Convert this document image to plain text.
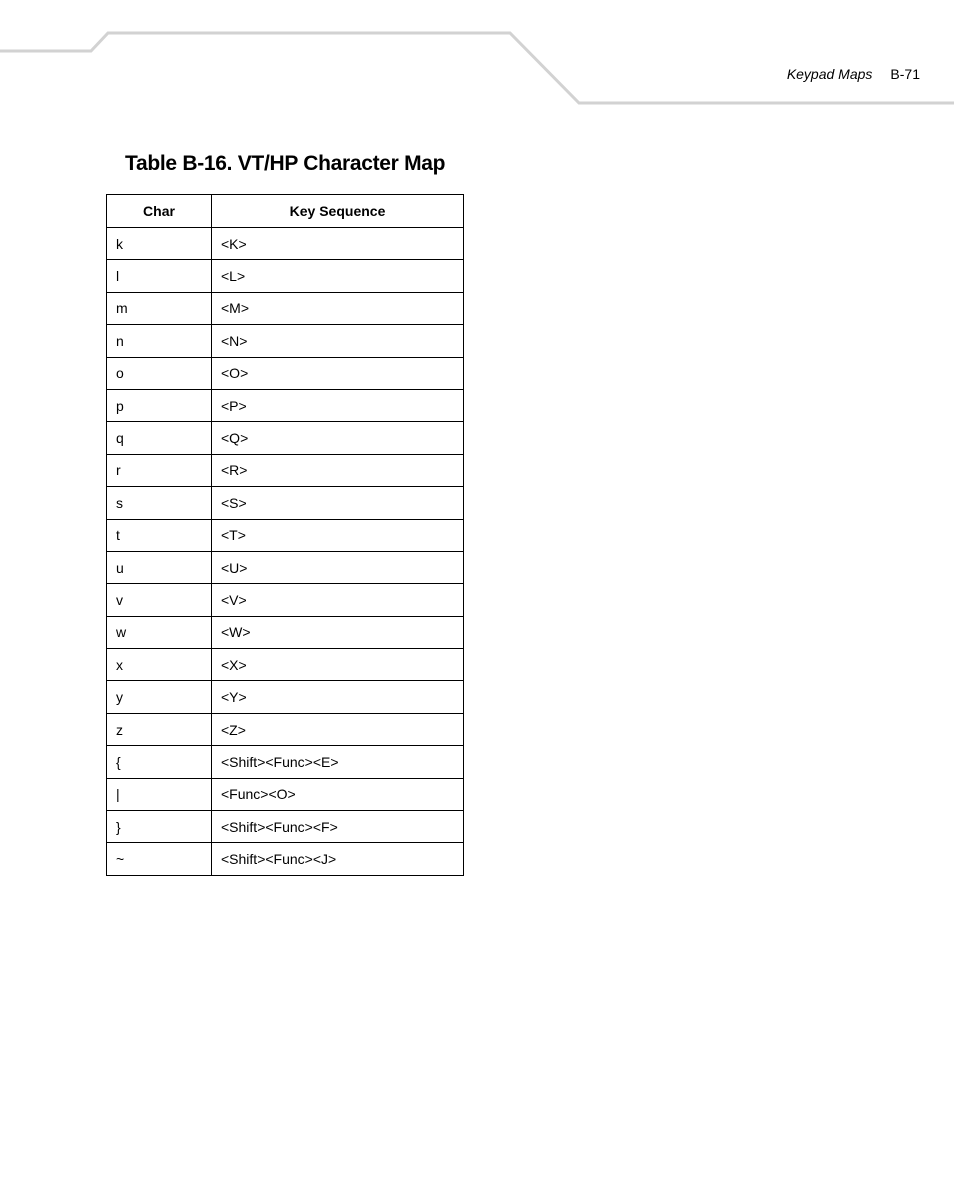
Keypad Maps B-71
Table B-16. VT/HP Character Map
Char	Key Sequence
k	<K>
l	<L>
m	<M>
n	<N>
o	<O>
p	<P>
q	<Q>
r	<R>
s	<S>
t	<T>
u	<U>
v	<V>
w	<W>
x	<X>
y	<Y>
z	<Z>
{	<Shift><Func><E>
|	<Func><O>
}	<Shift><Func><F>
~	<Shift><Func><J>
